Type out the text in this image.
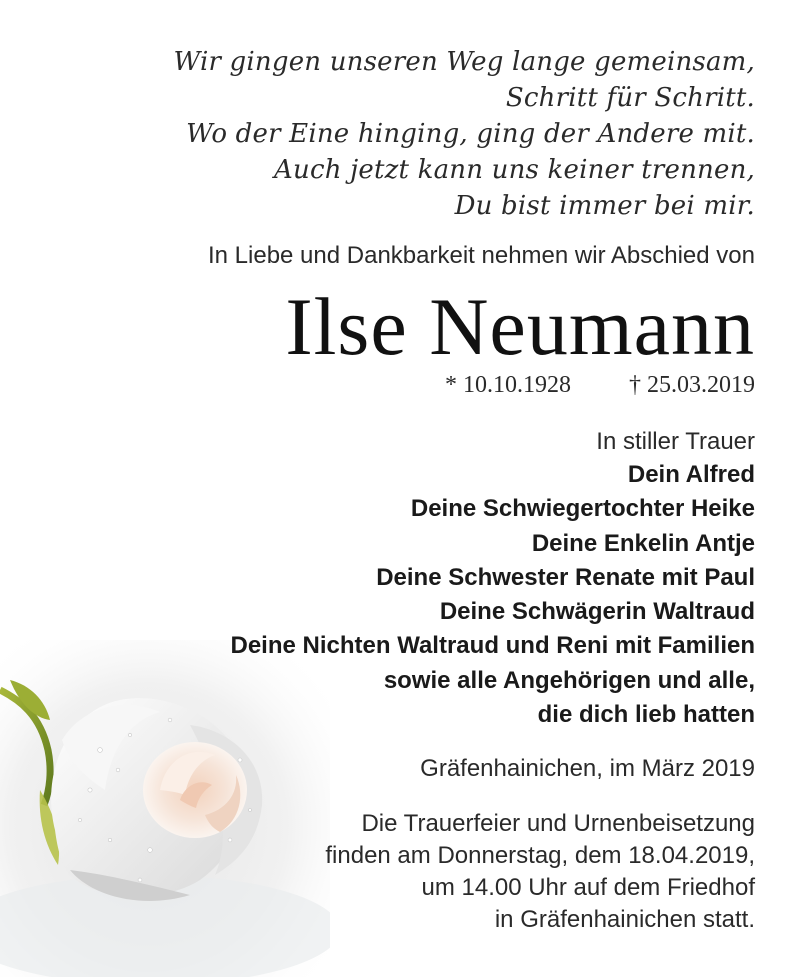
Wir gingen unseren Weg lange gemeinsam,
Schritt für Schritt.
Wo der Eine hinging, ging der Andere mit.
Auch jetzt kann uns keiner trennen,
Du bist immer bei mir.
In Liebe und Dankbarkeit nehmen wir Abschied von
Ilse Neumann
* 10.10.1928 † 25.03.2019
In stiller Trauer
Dein Alfred
Deine Schwiegertochter Heike
Deine Enkelin Antje
Deine Schwester Renate mit Paul
Deine Schwägerin Waltraud
Deine Nichten Waltraud und Reni mit Familien
sowie alle Angehörigen und alle,
die dich lieb hatten
Gräfenhainichen, im März 2019
Die Trauerfeier und Urnenbeisetzung
finden am Donnerstag, dem 18.04.2019,
um 14.00 Uhr auf dem Friedhof
in Gräfenhainichen statt.
